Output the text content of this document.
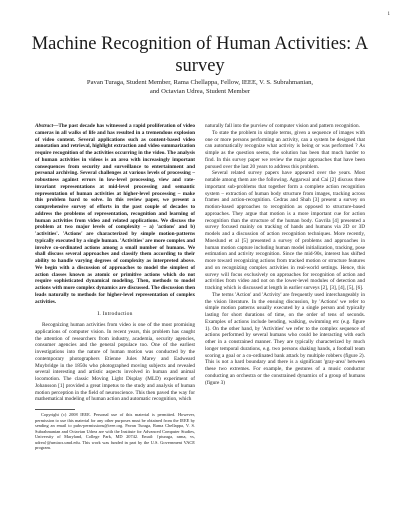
1
Machine Recognition of Human Activities: A survey
Pavan Turaga, Student Member, Rama Chellappa, Fellow, IEEE, V. S. Subrahmanian,
and Octavian Udrea, Student Member

Abstract—The past decade has witnessed a rapid proliferation of video cameras in all walks of life and has resulted in a tremendous explosion of video content. Several applications such as content-based video annotation and retrieval, highlight extraction and video summarization require recognition of the activities occurring in the video. The analysis of human activities in videos is an area with increasingly important consequences from security and surveillance to entertainment and personal archiving. Several challenges at various levels of processing – robustness against errors in low-level processing, view and rate-invariant representations at mid-level processing and semantic representation of human activities at higher-level processing – make this problem hard to solve. In this review paper, we present a comprehensive survey of efforts in the past couple of decades to address the problems of representation, recognition and learning of human activities from video and related applications. We discuss the problem at two major levels of complexity – a) 'actions' and b) 'activities'. 'Actions' are characterized by simple motion-patterns typically executed by a single human. 'Activities' are more complex and involve co-ordinated actions among a small number of humans. We shall discuss several approaches and classify them according to their ability to handle varying degrees of complexity as interpreted above. We begin with a discussion of approaches to model the simplest of action classes known as atomic or primitive actions which do not require sophisticated dynamical modeling. Then, methods to model actions with more complex dynamics are discussed. The discussion then leads naturally to methods for higher-level representation of complex activities.

I. Introduction

Recognizing human activities from video is one of the most promising applications of computer vision. In recent years, this problem has caught the attention of researchers from industry, academia, security agencies, consumer agencies and the general populace too. One of the earliest investigations into the nature of human motion was conducted by the contemporary photographers Etienne Jules Marey and Eadweard Muybridge in the 1850s who photographed moving subjects and revealed several interesting and artistic aspects involved in human and animal locomotion. The classic Moving Light Display (MLD) experiment of Johansson [1] provided a great impetus to the study and analysis of human motion perception in the field of neuroscience. This then paved the way for mathematical modeling of human action and automatic recognition, which

Copyright (c) 2008 IEEE. Personal use of this material is permitted. However, permission to use this material for any other purposes must be obtained from the IEEE by sending an email to pubs-permissions@ieee.org. Pavan Turaga, Rama Chellappa, V. S. Subrahmanian and Octavian Udrea are with the Institute for Advanced Computer Studies, University of Maryland, College Park, MD 20742. Email: {pturaga, rama, vs, udrea}@umiacs.umd.edu. This work was funded in part by the U.S. Government VACE program.

naturally fall into the purview of computer vision and pattern recognition.

To state the problem in simple terms, given a sequence of images with one or more persons performing an activity, can a system be designed that can automatically recognize what activity is being or was performed ? As simple as the question seems, the solution has been that much harder to find. In this survey paper we review the major approaches that have been pursued over the last 20 years to address this problem.

Several related survey papers have appeared over the years. Most notable among them are the following. Aggarwal and Cai [2] discuss three important sub-problems that together form a complete action recognition system – extraction of human body structure from images, tracking across frames and action-recognition. Cedras and Shah [3] present a survey on motion-based approaches to recognition as opposed to structure-based approaches. They argue that motion is a more important cue for action recognition than the structure of the human body. Gavrila [4] presented a survey focused mainly on tracking of hands and humans via 2D or 3D models and a discussion of action recognition techniques. More recently, Moeslund et al [5] presented a survey of problems and approaches in human motion capture including human model initialization, tracking, pose estimation and activity recognition. Since the mid-90s, interest has shifted more toward recognizing actions from tracked motion or structure features and on recognizing complex activities in real-world settings. Hence, this survey will focus exclusively on approaches for recognition of action and activities from video and not on the lower-level modules of detection and tracking which is discussed at length in earlier surveys [2], [3], [4], [5], [6].

The terms 'Action' and 'Activity' are frequently used interchangeably in the vision literature. In the ensuing discussion, by 'Actions' we refer to simple motion patterns usually executed by a single person and typically lasting for short durations of time, on the order of tens of seconds. Examples of actions include bending, walking, swimming etc (e.g. figure 1). On the other hand, by 'Activities' we refer to the complex sequence of actions performed by several humans who could be interacting with each other in a constrained manner. They are typically characterized by much longer temporal durations, e.g. two persons shaking hands, a football team scoring a goal or a co-ordinated bank attack by multiple robbers (figure 2). This is not a hard boundary and there is a significant 'gray-area' between these two extremes. For example, the gestures of a music conductor conducting an orchestra or the constrained dynamics of a group of humans (figure 3)
